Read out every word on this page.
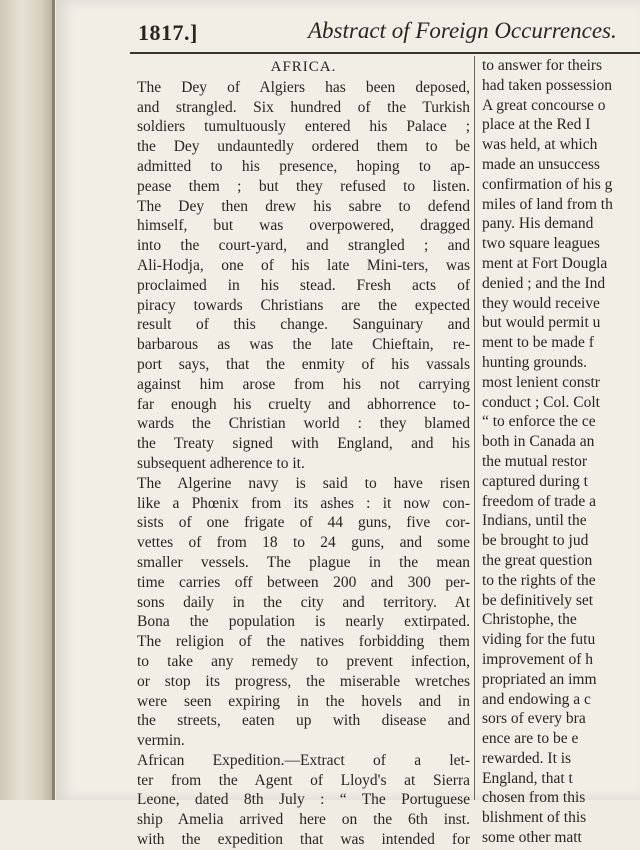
1817.]	Abstract of Foreign Occurrences.
AFRICA.
The Dey of Algiers has been deposed,
and strangled. Six hundred of the Turkish
soldiers tumultuously entered his Palace ;
the Dey undauntedly ordered them to be
admitted to his presence, hoping to ap-
pease them ; but they refused to listen.
The Dey then drew his sabre to defend
himself, but was overpowered, dragged
into the court-yard, and strangled ; and
Ali-Hodja, one of his late Mini-ters, was
proclaimed in his stead. Fresh acts of
piracy towards Christians are the expected
result of this change. Sanguinary and
barbarous as was the late Chieftain, re-
port says, that the enmity of his vassals
against him arose from his not carrying
far enough his cruelty and abhorrence to-
wards the Christian world : they blamed
the Treaty signed with England, and his
subsequent adherence to it.
The Algerine navy is said to have risen
like a Phœnix from its ashes : it now con-
sists of one frigate of 44 guns, five cor-
vettes of from 18 to 24 guns, and some
smaller vessels. The plague in the mean
time carries off between 200 and 300 per-
sons daily in the city and territory. At
Bona the population is nearly extirpated.
The religion of the natives forbidding them
to take any remedy to prevent infection,
or stop its progress, the miserable wretches
were seen expiring in the hovels and in
the streets, eaten up with disease and
vermin.
African Expedition.—Extract of a let-
ter from the Agent of Lloyd's at Sierra
Leone, dated 8th July : “ The Portuguese
ship Amelia arrived here on the 6th inst.
with the expedition that was intended for
to answer for theirs
had taken possession
A great concourse o
place at the Red I
was held, at which
made an unsuccess
confirmation of his g
miles of land from th
pany. His demand
two square leagues
ment at Fort Dougla
denied ; and the Ind
they would receive
but would permit u
ment to be made f
hunting grounds.
most lenient constr
conduct ; Col. Colt
“ to enforce the ce
both in Canada an
the mutual restor
captured during t
freedom of trade a
Indians, until the
be brought to jud
the great question
to the rights of the
be definitively set
Christophe, the
viding for the futu
improvement of h
propriated an imm
and endowing a c
sors of every bra
ence are to be e
rewarded. It is
England, that t
chosen from this
blishment of this
some other matt
